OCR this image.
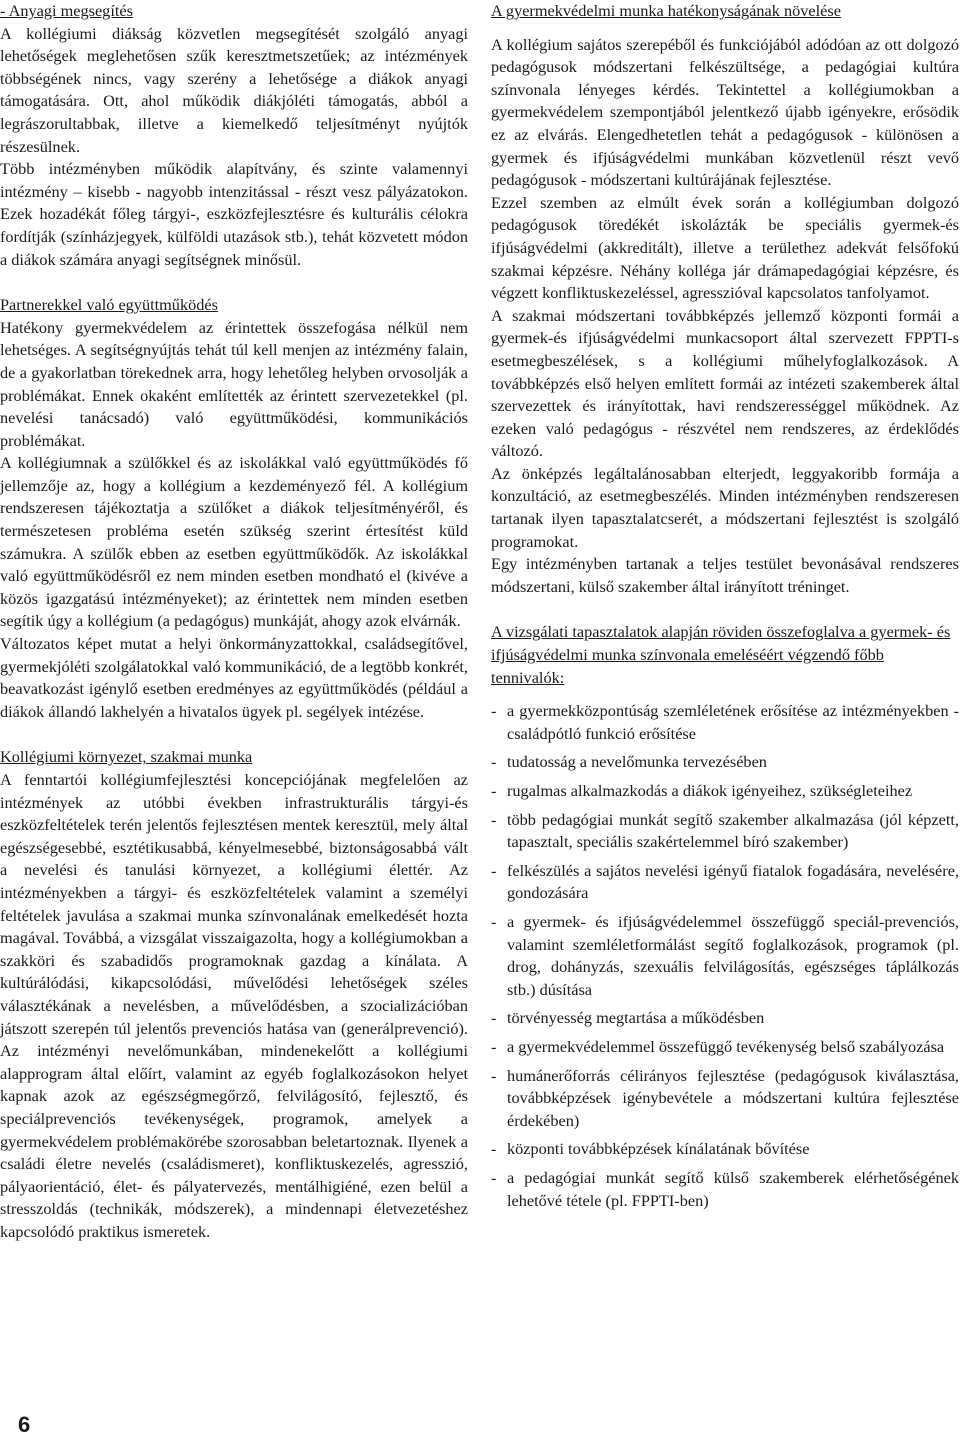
- Anyagi megsegítés

A kollégiumi diákság közvetlen megsegítését szolgáló anyagi lehetőségek meglehetősen szűk keresztmetszetűek; az intézmények többségének nincs, vagy szerény a lehetősége a diákok anyagi támogatására. Ott, ahol működik diákjóléti támogatás, abból a legrászorultabbak, illetve a kiemelkedő teljesítményt nyújtók részesülnek.

Több intézményben működik alapítvány, és szinte valamennyi intézmény – kisebb - nagyobb intenzitással - részt vesz pályázatokon. Ezek hozadékát főleg tárgyi-, eszközfejlesztésre és kulturális célokra fordítják (színházjegyek, külföldi utazások stb.), tehát közvetett módon a diákok számára anyagi segítségnek minősül.

Partnerekkel való együttműködés

Hatékony gyermekvédelem az érintettek összefogása nélkül nem lehetséges. A segítségnyújtás tehát túl kell menjen az intézmény falain, de a gyakorlatban törekednek arra, hogy lehetőleg helyben orvosolják a problémákat. Ennek okaként említették az érintett szervezetekkel (pl. nevelési tanácsadó) való együttműködési, kommunikációs problémákat.

A kollégiumnak a szülőkkel és az iskolákkal való együttműködés fő jellemzője az, hogy a kollégium a kezdeményező fél. A kollégium rendszeresen tájékoztatja a szülőket a diákok teljesítményéről, és természetesen probléma esetén szükség szerint értesítést küld számukra. A szülők ebben az esetben együttműködők. Az iskolákkal való együttműködésről ez nem minden esetben mondható el (kivéve a közös igazgatású intézményeket); az érintettek nem minden esetben segítik úgy a kollégium (a pedagógus) munkáját, ahogy azok elvárnák.

Változatos képet mutat a helyi önkormányzattokkal, családsegítővel, gyermekjóléti szolgálatokkal való kommunikáció, de a legtöbb konkrét, beavatkozást igénylő esetben eredményes az együttműködés (például a diákok állandó lakhelyén a hivatalos ügyek pl. segélyek intézése.

Kollégiumi környezet, szakmai munka

A fenntartói kollégiumfejlesztési koncepciójának megfelelően az intézmények az utóbbi években infrastrukturális tárgyi-és eszközfeltételek terén jelentős fejlesztésen mentek keresztül, mely által egészségesebbé, esztétikusabbá, kényelmesebbé, biztonságosabbá vált a nevelési és tanulási környezet, a kollégiumi élettér. Az intézményekben a tárgyi- és eszközfeltételek valamint a személyi feltételek javulása a szakmai munka színvonalának emelkedését hozta magával. Továbbá, a vizsgálat visszaigazolta, hogy a kollégiumokban a szakköri és szabadidős programoknak gazdag a kínálata. A kultúrálódási, kikapcsolódási, művelődési lehetőségek széles választékának a nevelésben, a művelődésben, a szocializációban játszott szerepén túl jelentős prevenciós hatása van (generálprevenció). Az intézményi nevelőmunkában, mindenekelőtt a kollégiumi alapprogram által előírt, valamint az egyéb foglalkozásokon helyet kapnak azok az egészségmegőrző, felvilágosító, fejlesztő, és speciálprevenciós tevékenységek, programok, amelyek a gyermekvédelem problémakörébe szorosabban beletartoznak. Ilyenek a családi életre nevelés (családismeret), konfliktuskezelés, agresszió, pályaorientáció, élet- és pályatervezés, mentálhigiéné, ezen belül a stresszoldás (technikák, módszerek), a mindennapi életvezetéshez kapcsolódó praktikus ismeretek.

A gyermekvédelmi munka hatékonyságának növelése

A kollégium sajátos szerepéből és funkciójából adódóan az ott dolgozó pedagógusok módszertani felkészültsége, a pedagógiai kultúra színvonala lényeges kérdés. Tekintettel a kollégiumokban a gyermekvédelem szempontjából jelentkező újabb igényekre, erősödik ez az elvárás. Elengedhetetlen tehát a pedagógusok - különösen a gyermek és ifjúságvédelmi munkában közvetlenül részt vevő pedagógusok - módszertani kultúrájának fejlesztése.

Ezzel szemben az elmúlt évek során a kollégiumban dolgozó pedagógusok töredékét iskolázták be speciális gyermek-és ifjúságvédelmi (akkreditált), illetve a területhez adekvát felsőfokú szakmai képzésre. Néhány kolléga jár drámapedagógiai képzésre, és végzett konfliktuskezeléssel, agresszióval kapcsolatos tanfolyamot.

A szakmai módszertani továbbképzés jellemző központi formái a gyermek-és ifjúságvédelmi munkacsoport által szervezett FPPTI-s esetmegbeszélések, s a kollégiumi műhelyfoglalkozások. A továbbképzés első helyen említett formái az intézeti szakemberek által szervezettek és irányítottak, havi rendszerességgel működnek. Az ezeken való pedagógus - részvétel nem rendszeres, az érdeklődés változó.

Az önképzés legáltalánosabban elterjedt, leggyakoribb formája a konzultáció, az esetmegbeszélés. Minden intézményben rendszeresen tartanak ilyen tapasztalatcserét, a módszertani fejlesztést is szolgáló programokat.

Egy intézményben tartanak a teljes testület bevonásával rendszeres módszertani, külső szakember által irányított tréninget.

A vizsgálati tapasztalatok alapján röviden összefoglalva a gyermek- és ifjúságvédelmi munka színvonala emeléséért végzendő főbb tennivalók:

- a gyermekközpontúság szemléletének erősítése az intézményekben - családpótló funkció erősítése
- tudatosság a nevelőmunka tervezésében
- rugalmas alkalmazkodás a diákok igényeihez, szükségleteihez
- több pedagógiai munkát segítő szakember alkalmazása (jól képzett, tapasztalt, speciális szakértelemmel bíró szakember)
- felkészülés a sajátos nevelési igényű fiatalok fogadására, nevelésére, gondozására
- a gyermek- és ifjúságvédelemmel összefüggő speciál-prevenciós, valamint szemléletformálást segítő foglalkozások, programok (pl. drog, dohányzás, szexuális felvilágosítás, egészséges táplálkozás stb.) dúsítása
- törvényesség megtartása a működésben
- a gyermekvédelemmel összefüggő tevékenység belső szabályozása
- humánerőforrás célirányos fejlesztése (pedagógusok kiválasztása, továbbképzések igénybevétele a módszertani kultúra fejlesztése érdekében)
- központi továbbképzések kínálatának bővítése
- a pedagógiai munkát segítő külső szakemberek elérhetőségének lehetővé tétele (pl. FPPTI-ben)
6
